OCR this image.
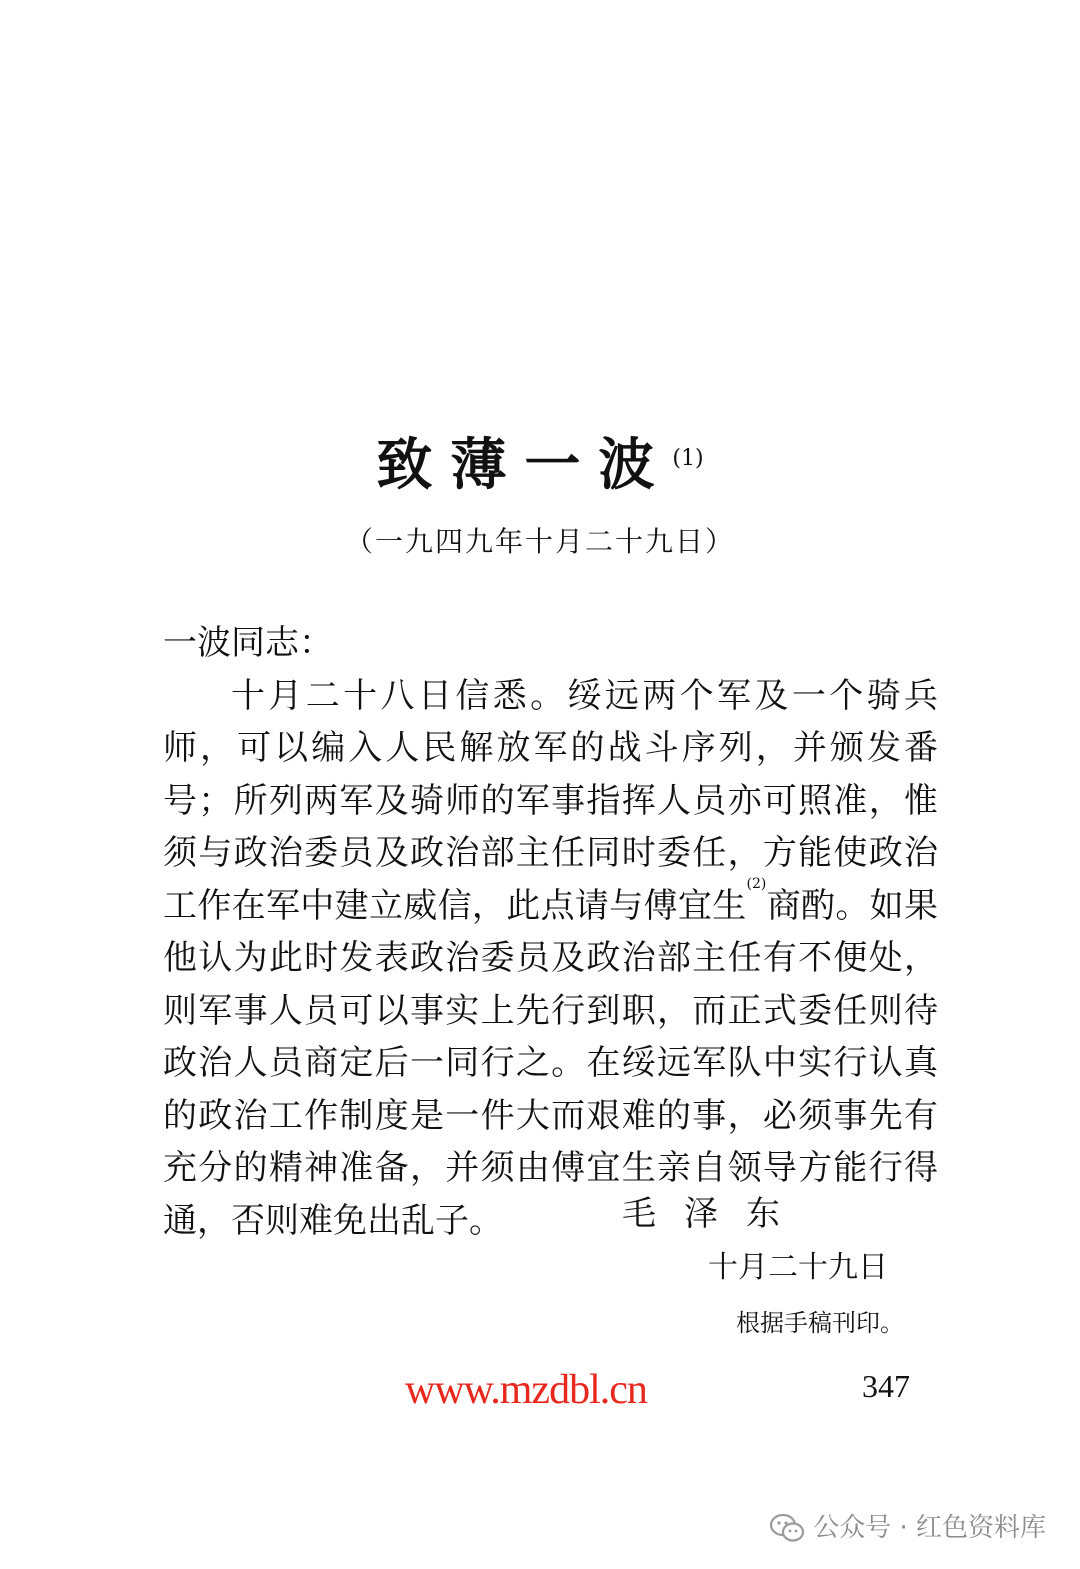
致薄一波$^{(1)}$
（一九四九年十月二十九日）

一波同志：

十月二十八日信悉。绥远两个军及一个骑兵师，可以编入人民解放军的战斗序列，并颁发番号；所列两军及骑师的军事指挥人员亦可照准，惟须与政治委员及政治部主任同时委任，方能使政治工作在军中建立威信，此点请与傅宜生$^{(2)}$商酌。如果他认为此时发表政治委员及政治部主任有不便处，则军事人员可以事实上先行到职，而正式委任则待政治人员商定后一同行之。在绥远军队中实行认真的政治工作制度是一件大而艰难的事，必须事先有充分的精神准备，并须由傅宜生亲自领导方能行得通，否则难免出乱子。	毛泽东
十月二十九日
根据手稿刊印。
www.mzdbl.cn	347
公众号 · 红色资料库
